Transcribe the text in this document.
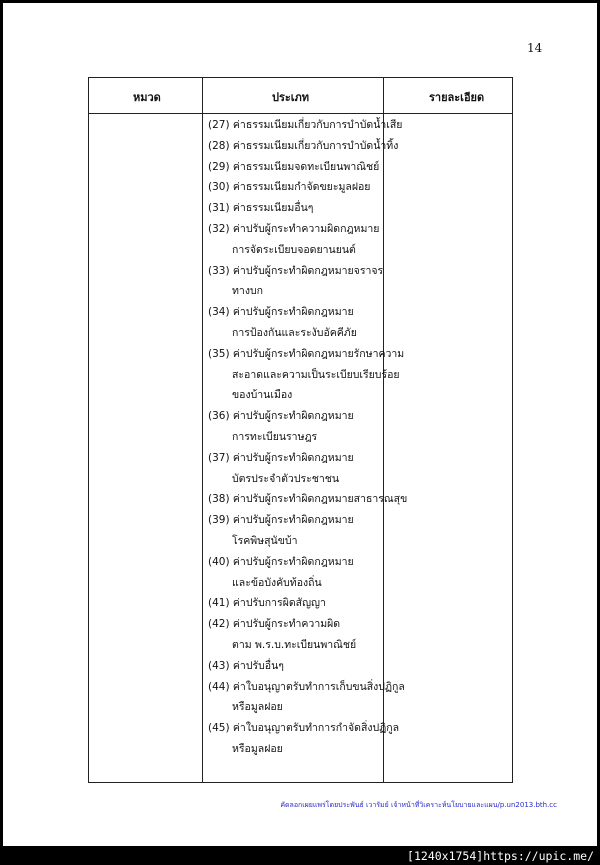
14
หมวด	ประเภท	รายละเอียด
(27) ค่าธรรมเนียมเกี่ยวกับการบำบัดน้ำเสีย
(28) ค่าธรรมเนียมเกี่ยวกับการบำบัดน้ำทิ้ง
(29) ค่าธรรมเนียมจดทะเบียนพาณิชย์
(30) ค่าธรรมเนียมกำจัดขยะมูลฝอย
(31) ค่าธรรมเนียมอื่นๆ
(32) ค่าปรับผู้กระทำความผิดกฎหมาย
การจัดระเบียบจอดยานยนต์
(33) ค่าปรับผู้กระทำผิดกฎหมายจราจร
ทางบก
(34) ค่าปรับผู้กระทำผิดกฎหมาย
การป้องกันและระงับอัคคีภัย
(35) ค่าปรับผู้กระทำผิดกฎหมายรักษาความ
สะอาดและความเป็นระเบียบเรียบร้อย
ของบ้านเมือง
(36) ค่าปรับผู้กระทำผิดกฎหมาย
การทะเบียนราษฎร
(37) ค่าปรับผู้กระทำผิดกฎหมาย
บัตรประจำตัวประชาชน
(38) ค่าปรับผู้กระทำผิดกฎหมายสาธารณสุข
(39) ค่าปรับผู้กระทำผิดกฎหมาย
โรคพิษสุนัขบ้า
(40) ค่าปรับผู้กระทำผิดกฎหมาย
และข้อบังคับท้องถิ่น
(41) ค่าปรับการผิดสัญญา
(42) ค่าปรับผู้กระทำความผิด
ตาม พ.ร.บ.ทะเบียนพาณิชย์
(43) ค่าปรับอื่นๆ
(44) ค่าใบอนุญาตรับทำการเก็บขนสิ่งปฏิกูล
หรือมูลฝอย
(45) ค่าใบอนุญาตรับทำการกำจัดสิ่งปฏิกูล
หรือมูลฝอย
คัดลอกเผยแพร่โดยประพันธ์ เวารัมย์ เจ้าหน้าที่วิเคราะห์นโยบายและแผน/p.un2013.bth.cc
[1240x1754]https://upic.me/
